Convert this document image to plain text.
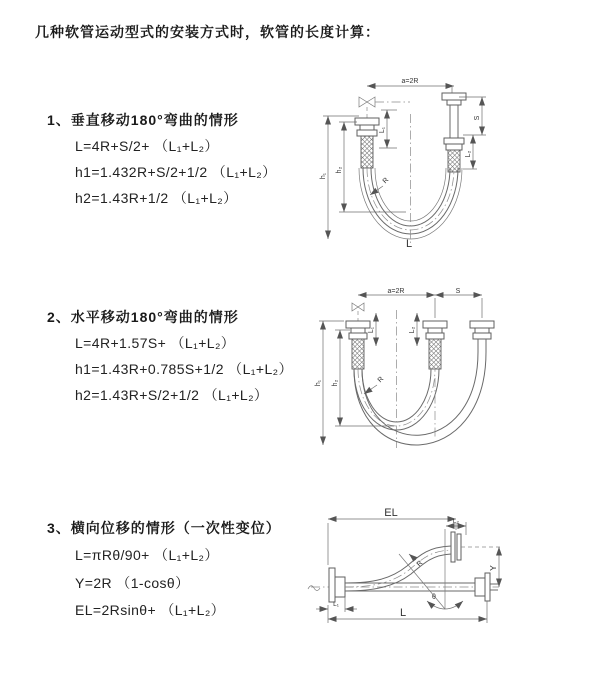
几种软管运动型式的安装方式时，软管的长度计算：
1、垂直移动180°弯曲的情形
L=4R+S/2+ （L₁+L₂）
h1=1.432R+S/2+1/2 （L₁+L₂）
h2=1.43R+1/2 （L₁+L₂）
a=2R
h₁
h₂
L₁
S
L₂
R
L
2、水平移动180°弯曲的情形
L=4R+1.57S+ （L₁+L₂）
h1=1.43R+0.785S+1/2 （L₁+L₂）
h2=1.43R+S/2+1/2 （L₁+L₂）
a=2R	S
h₁ h₂
L₁	L₂
R
3、横向位移的情形（一次性变位）
L=πRθ/90+ （L₁+L₂）
Y=2R （1-cosθ）
EL=2Rsinθ+ （L₁+L₂）
EL
L₂
Y
R
θ
L
L₁
